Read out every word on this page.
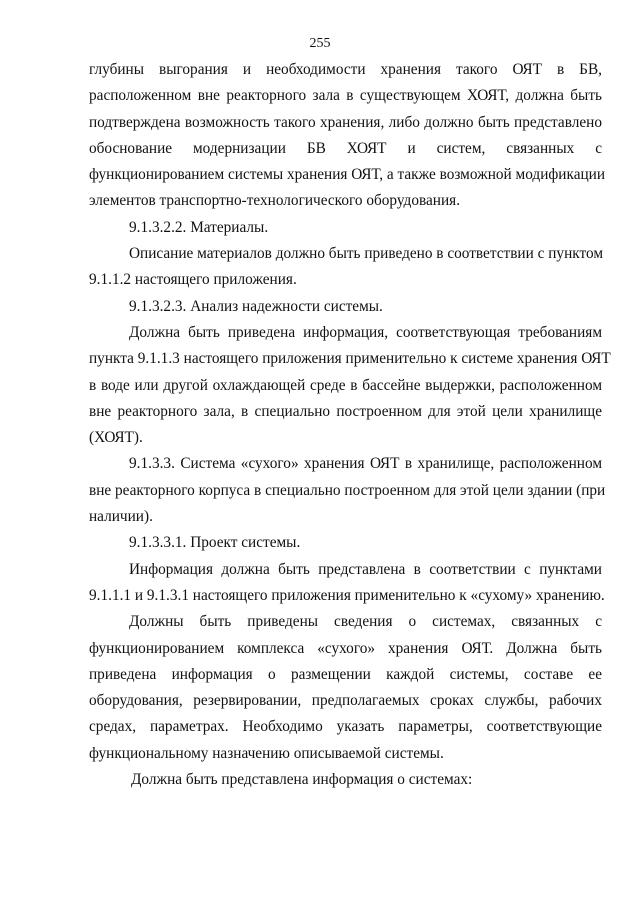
255
глубины выгорания и необходимости хранения такого ОЯТ в БВ,
расположенном вне реакторного зала в существующем ХОЯТ, должна быть
подтверждена возможность такого хранения, либо должно быть представлено
обоснование модернизации БВ ХОЯТ и систем, связанных с
функционированием системы хранения ОЯТ, а также возможной модификации
элементов транспортно-технологического оборудования.
9.1.3.2.2. Материалы.
Описание материалов должно быть приведено в соответствии с пунктом
9.1.1.2 настоящего приложения.
9.1.3.2.3. Анализ надежности системы.
Должна быть приведена информация, соответствующая требованиям
пункта 9.1.1.3 настоящего приложения применительно к системе хранения ОЯТ
в воде или другой охлаждающей среде в бассейне выдержки, расположенном
вне реакторного зала, в специально построенном для этой цели хранилище
(ХОЯТ).
9.1.3.3. Система «сухого» хранения ОЯТ в хранилище, расположенном
вне реакторного корпуса в специально построенном для этой цели здании (при
наличии).
9.1.3.3.1. Проект системы.
Информация должна быть представлена в соответствии с пунктами
9.1.1.1 и 9.1.3.1 настоящего приложения применительно к «сухому» хранению.
Должны быть приведены сведения о системах, связанных с
функционированием комплекса «сухого» хранения ОЯТ. Должна быть
приведена информация о размещении каждой системы, составе ее
оборудования, резервировании, предполагаемых сроках службы, рабочих
средах, параметрах. Необходимо указать параметры, соответствующие
функциональному назначению описываемой системы.
Должна быть представлена информация о системах:
